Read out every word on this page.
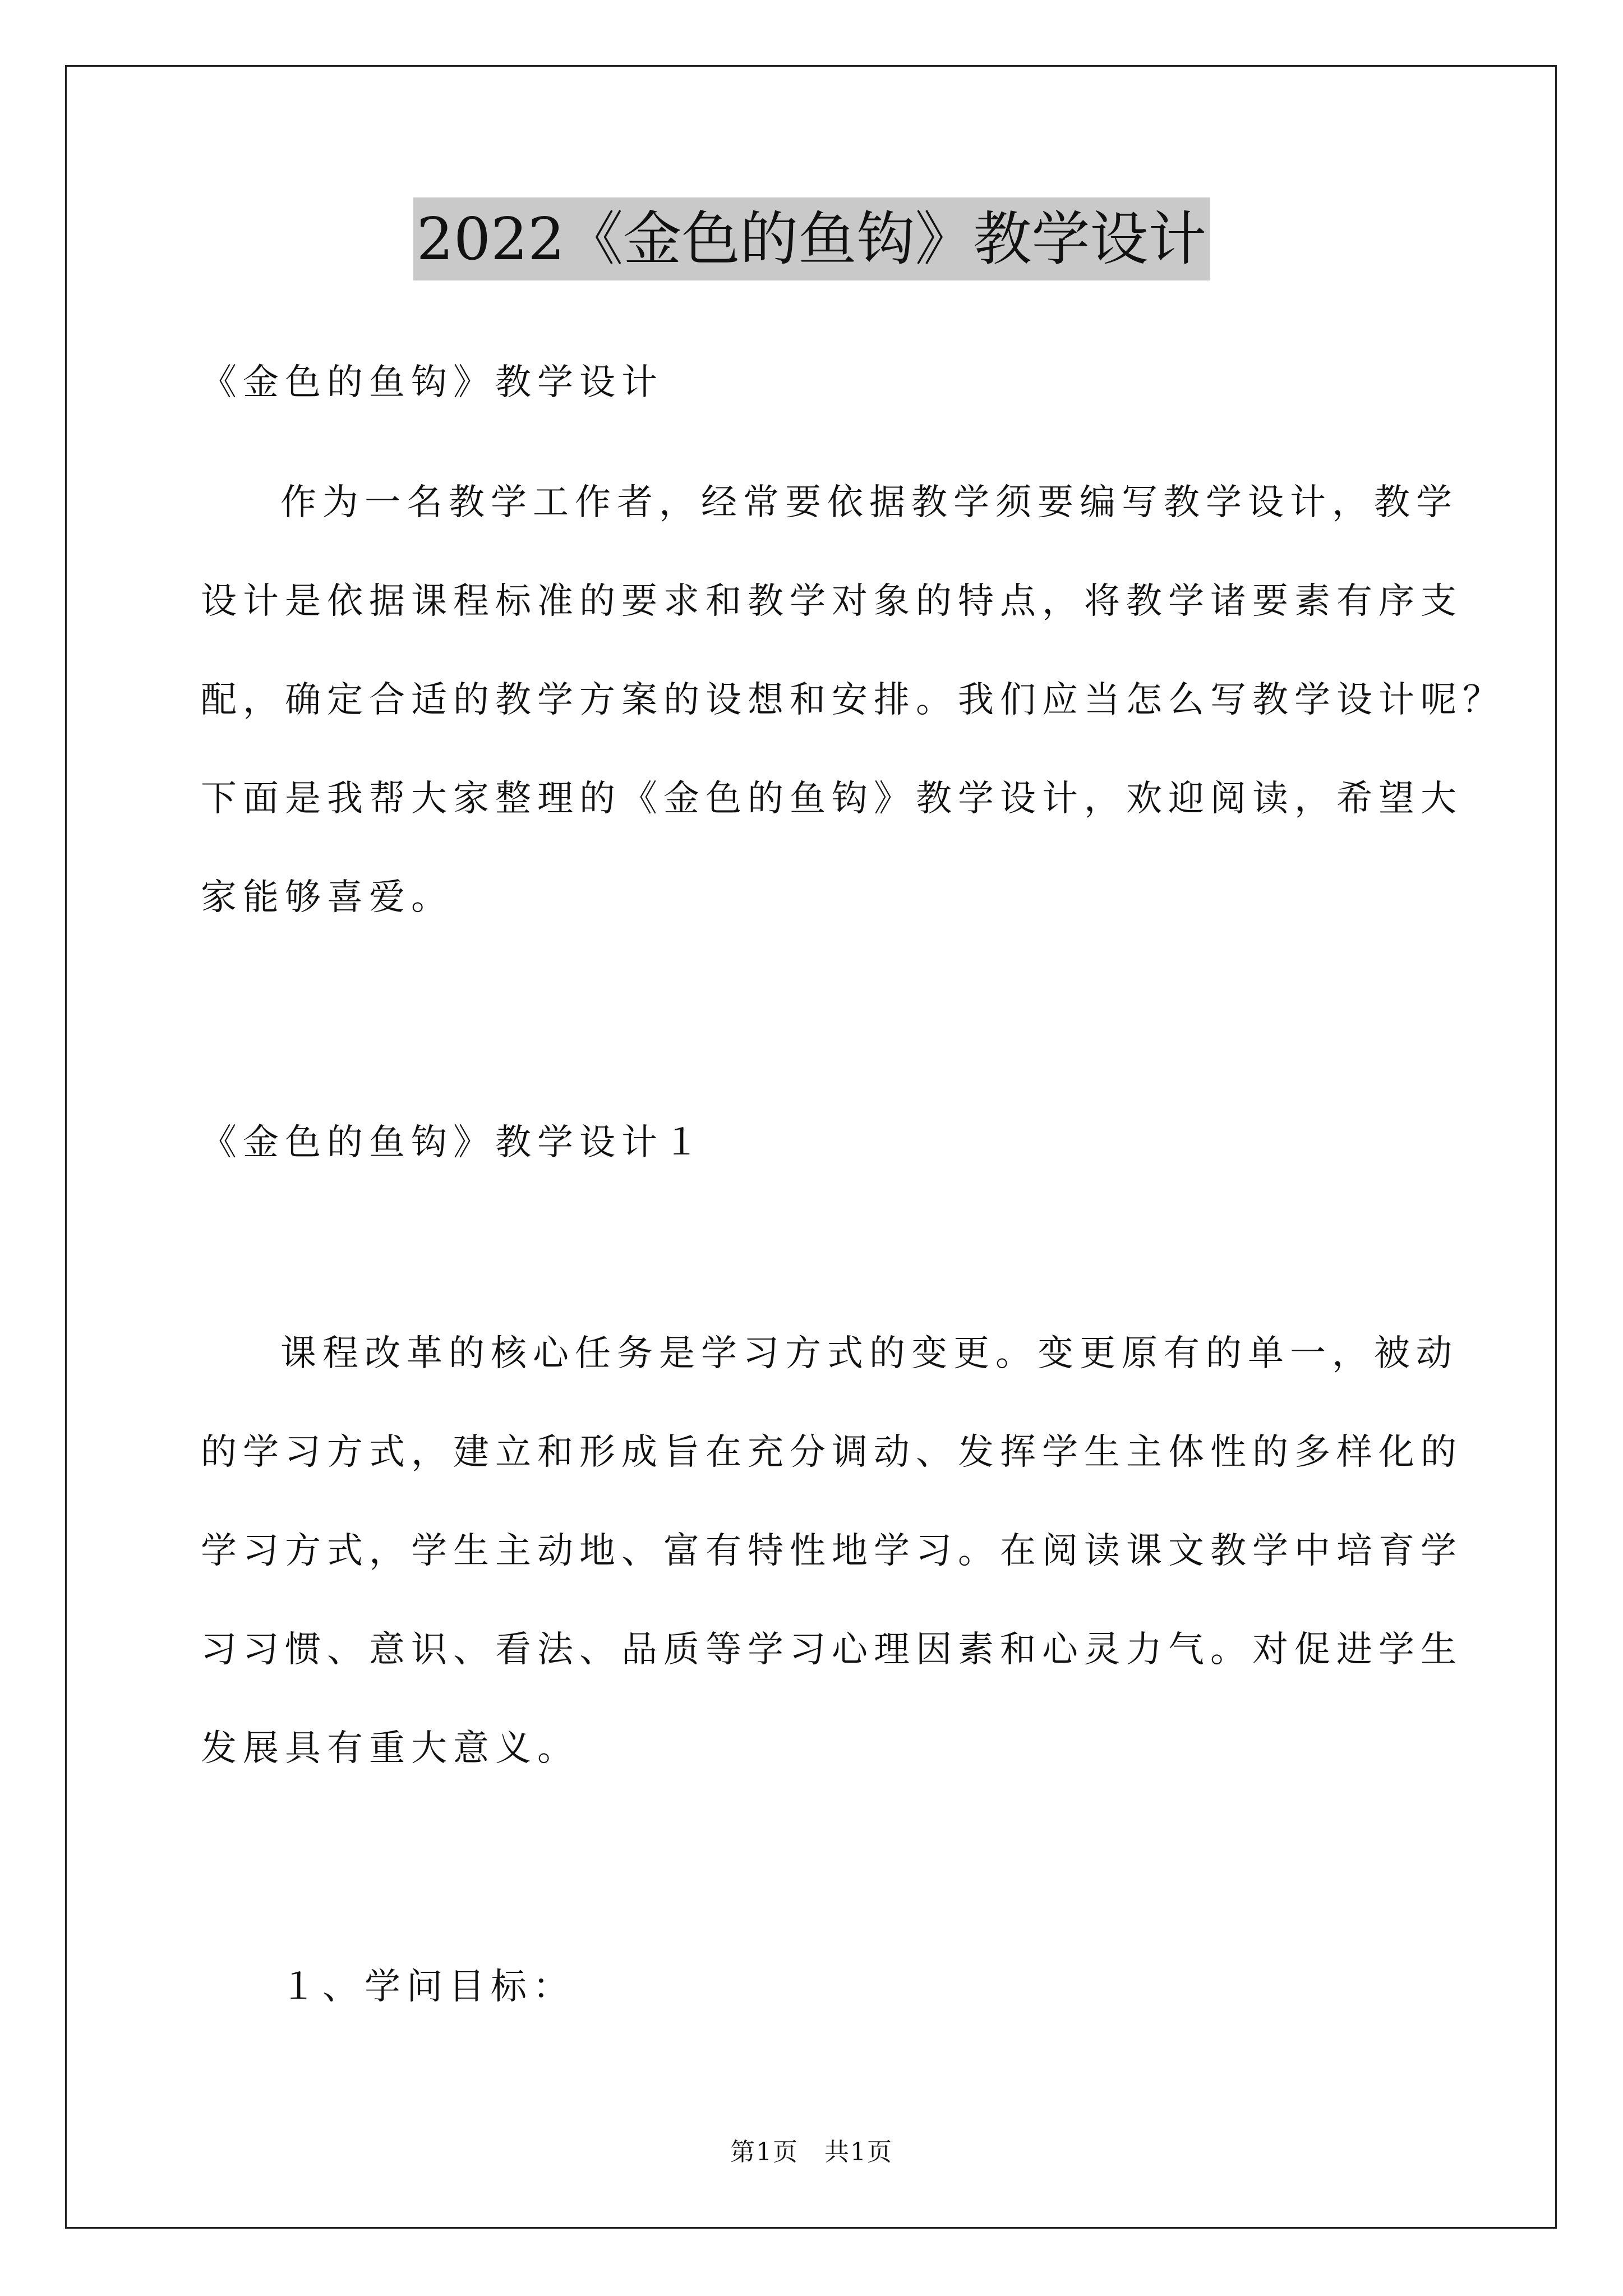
2022《金色的鱼钩》教学设计
《金色的鱼钩》教学设计
作为一名教学工作者，经常要依据教学须要编写教学设计，教学
设计是依据课程标准的要求和教学对象的特点，将教学诸要素有序支
配，确定合适的教学方案的设想和安排。我们应当怎么写教学设计呢？
下面是我帮大家整理的《金色的鱼钩》教学设计，欢迎阅读，希望大
家能够喜爱。
《金色的鱼钩》教学设计１
课程改革的核心任务是学习方式的变更。变更原有的单一，被动
的学习方式，建立和形成旨在充分调动、发挥学生主体性的多样化的
学习方式，学生主动地、富有特性地学习。在阅读课文教学中培育学
习习惯、意识、看法、品质等学习心理因素和心灵力气。对促进学生
发展具有重大意义。
１、学问目标：
第1页　共1页
